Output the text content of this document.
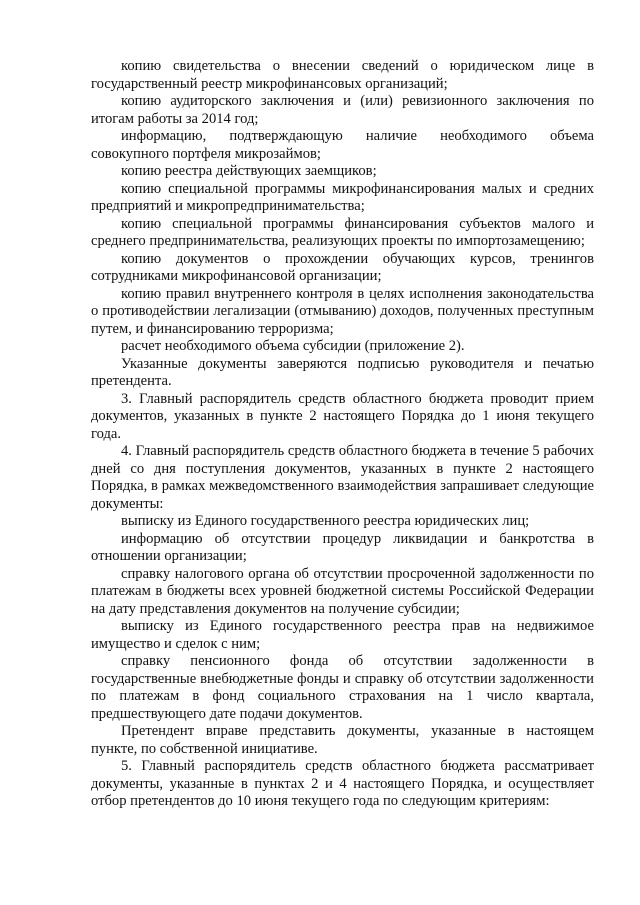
копию свидетельства о внесении сведений о юридическом лице в государственный реестр микрофинансовых организаций;

копию аудиторского заключения и (или) ревизионного заключения по итогам работы за 2014 год;

информацию, подтверждающую наличие необходимого объема совокупного портфеля микрозаймов;

копию реестра действующих заемщиков;

копию специальной программы микрофинансирования малых и средних предприятий и микропредпринимательства;

копию специальной программы финансирования субъектов малого и среднего предпринимательства, реализующих проекты по импортозамещению;

копию документов о прохождении обучающих курсов, тренингов сотрудниками микрофинансовой организации;

копию правил внутреннего контроля в целях исполнения законодательства о противодействии легализации (отмыванию) доходов, полученных преступным путем, и финансированию терроризма;

расчет необходимого объема субсидии (приложение 2).

Указанные документы заверяются подписью руководителя и печатью претендента.

3. Главный распорядитель средств областного бюджета проводит прием документов, указанных в пункте 2 настоящего Порядка до 1 июня текущего года.

4. Главный распорядитель средств областного бюджета в течение 5 рабочих дней со дня поступления документов, указанных в пункте 2 настоящего Порядка, в рамках межведомственного взаимодействия запрашивает следующие документы:

выписку из Единого государственного реестра юридических лиц;

информацию об отсутствии процедур ликвидации и банкротства в отношении организации;

справку налогового органа об отсутствии просроченной задолженности по платежам в бюджеты всех уровней бюджетной системы Российской Федерации на дату представления документов на получение субсидии;

выписку из Единого государственного реестра прав на недвижимое имущество и сделок с ним;

справку пенсионного фонда об отсутствии задолженности в государственные внебюджетные фонды и справку об отсутствии задолженности по платежам в фонд социального страхования на 1 число квартала, предшествующего дате подачи документов.

Претендент вправе представить документы, указанные в настоящем пункте, по собственной инициативе.

5. Главный распорядитель средств областного бюджета рассматривает документы, указанные в пунктах 2 и 4 настоящего Порядка, и осуществляет отбор претендентов до 10 июня текущего года по следующим критериям:
